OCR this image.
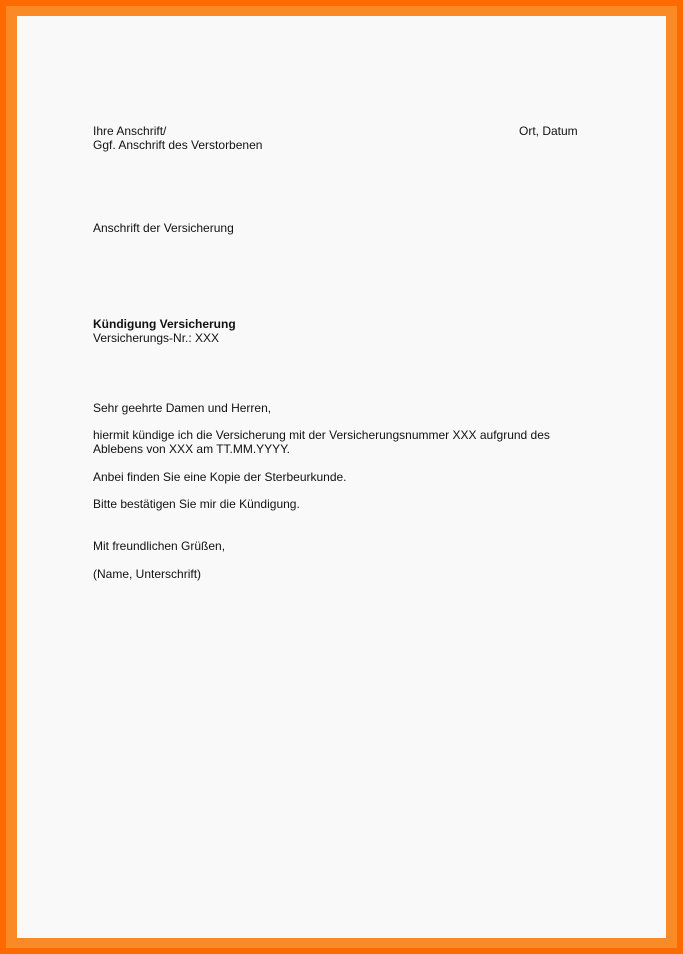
Ihre Anschrift/
Ggf. Anschrift des Verstorbenen
Ort, Datum
Anschrift der Versicherung
Kündigung Versicherung
Versicherungs-Nr.: XXX
Sehr geehrte Damen und Herren,
hiermit kündige ich die Versicherung mit der Versicherungsnummer XXX aufgrund des
Ablebens von XXX am TT.MM.YYYY.
Anbei finden Sie eine Kopie der Sterbeurkunde.
Bitte bestätigen Sie mir die Kündigung.
Mit freundlichen Grüßen,
(Name, Unterschrift)
